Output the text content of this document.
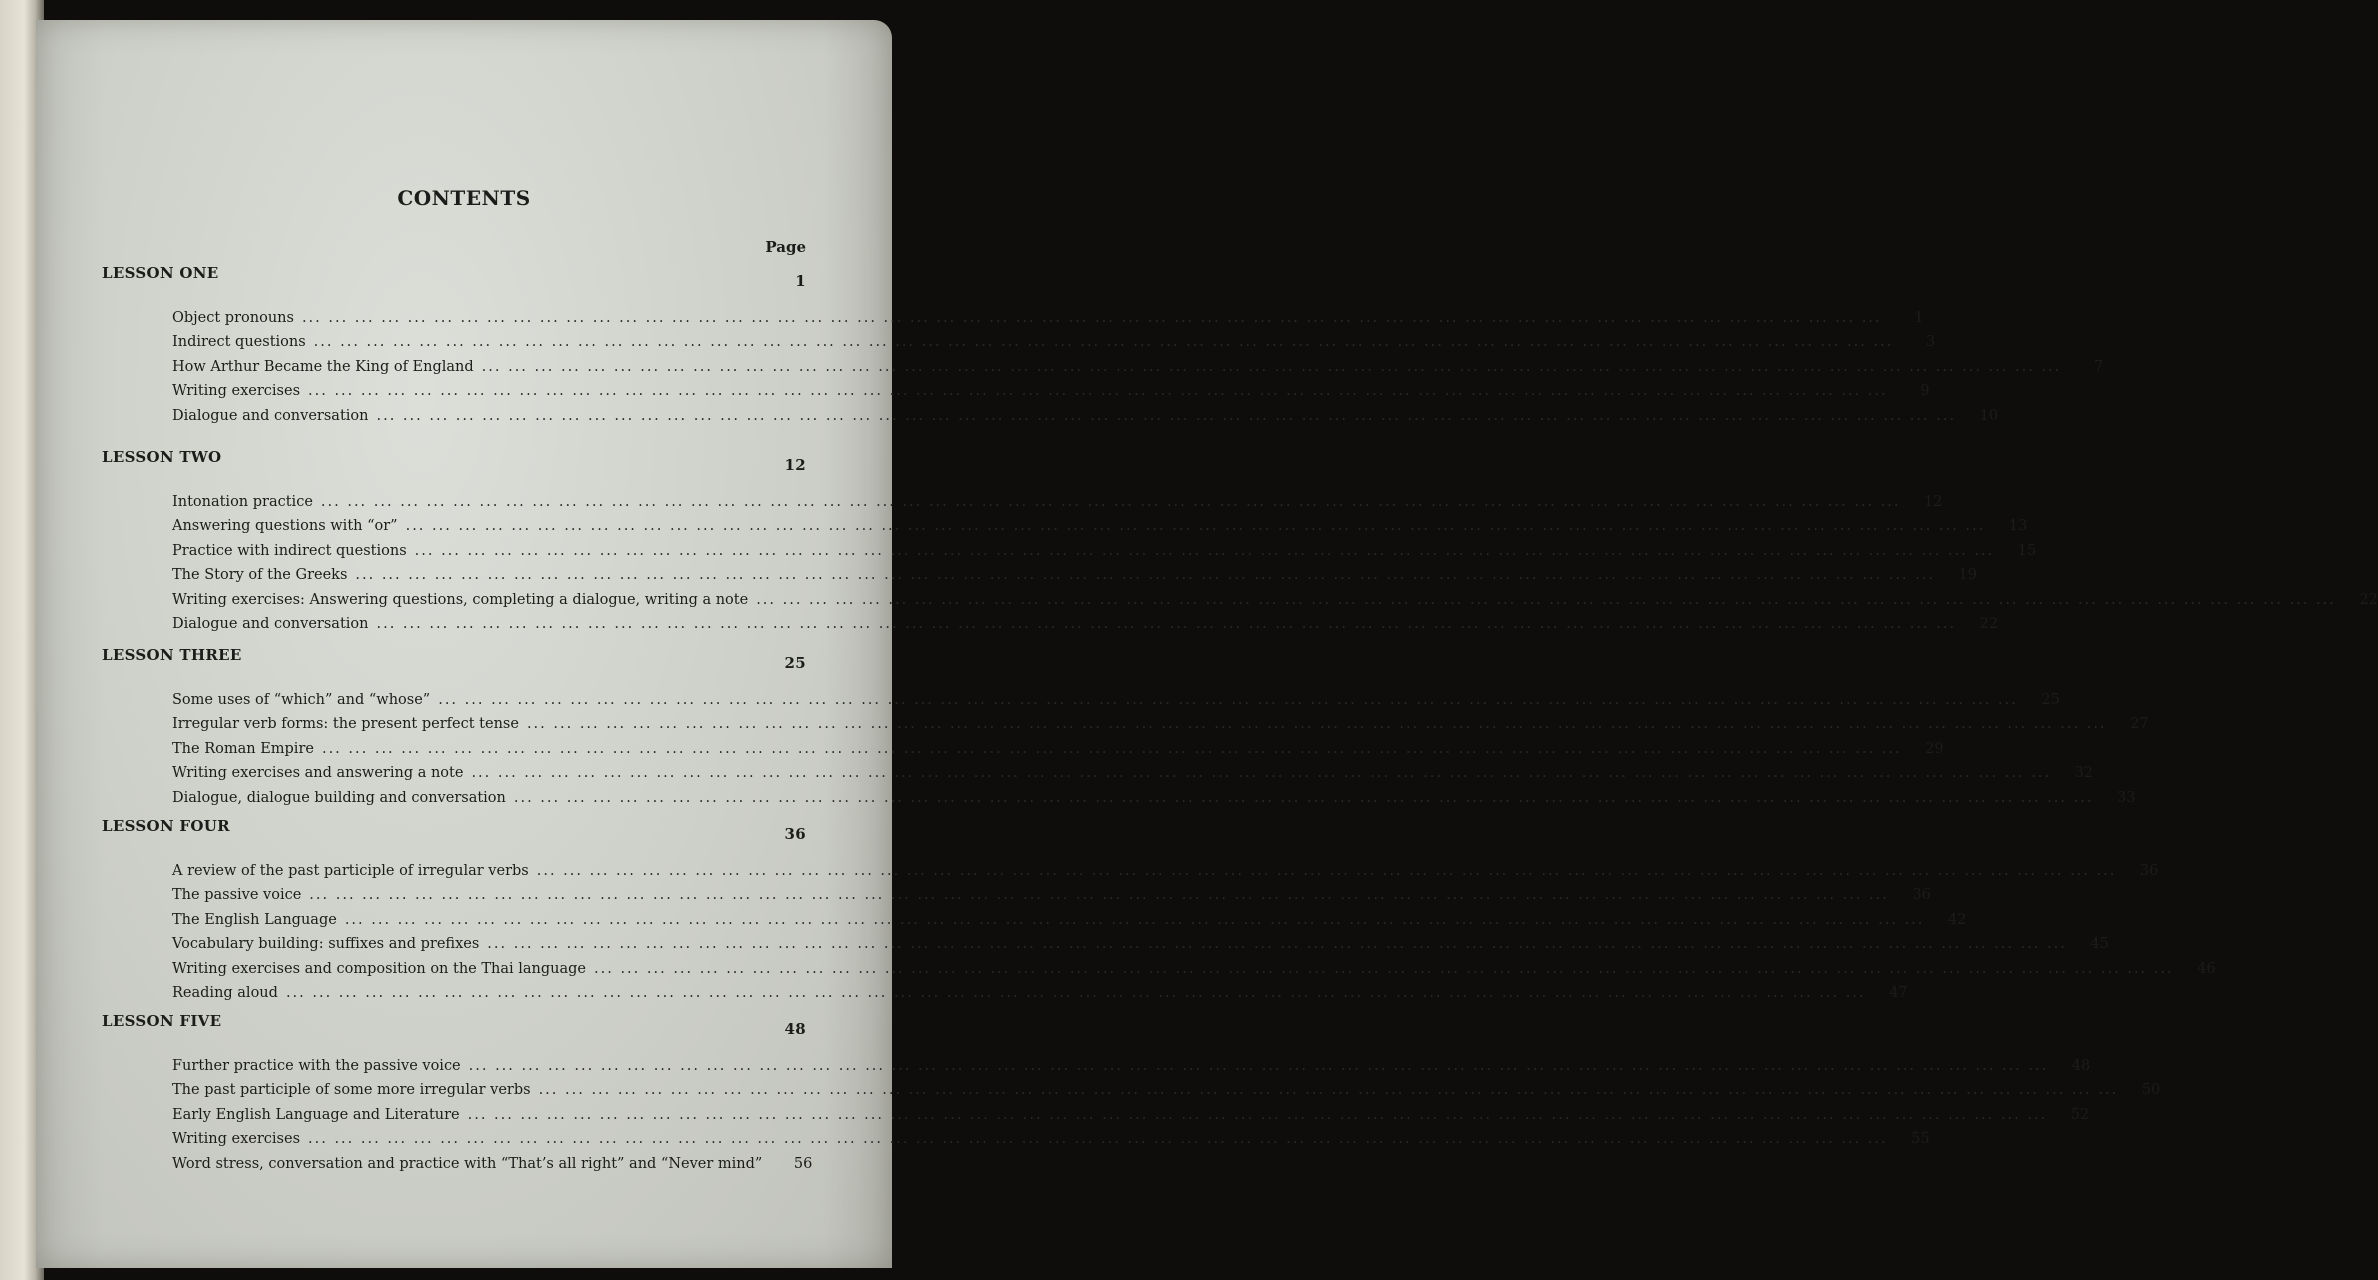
CONTENTS
Page
LESSON ONE	1
Object pronouns ... ... ... ... ... ... ... ... ... ... ... ... ... ... ... ... ... ... ... ... ... ... ... ... ... ... ... ... ... ... ... ... ... ... ... ... ... ... ... ... ... ... ... ... ... ... ... ... ... ... ... ... ... ... ... ... ... ... ... ...	1
Indirect questions ... ... ... ... ... ... ... ... ... ... ... ... ... ... ... ... ... ... ... ... ... ... ... ... ... ... ... ... ... ... ... ... ... ... ... ... ... ... ... ... ... ... ... ... ... ... ... ... ... ... ... ... ... ... ... ... ... ... ... ...	3
How Arthur Became the King of England ... ... ... ... ... ... ... ... ... ... ... ... ... ... ... ... ... ... ... ... ... ... ... ... ... ... ... ... ... ... ... ... ... ... ... ... ... ... ... ... ... ... ... ... ... ... ... ... ... ... ... ... ... ... ... ... ... ... ... ...	7
Writing exercises ... ... ... ... ... ... ... ... ... ... ... ... ... ... ... ... ... ... ... ... ... ... ... ... ... ... ... ... ... ... ... ... ... ... ... ... ... ... ... ... ... ... ... ... ... ... ... ... ... ... ... ... ... ... ... ... ... ... ... ...	9
Dialogue and conversation ... ... ... ... ... ... ... ... ... ... ... ... ... ... ... ... ... ... ... ... ... ... ... ... ... ... ... ... ... ... ... ... ... ... ... ... ... ... ... ... ... ... ... ... ... ... ... ... ... ... ... ... ... ... ... ... ... ... ... ...	10
LESSON TWO	12
Intonation practice ... ... ... ... ... ... ... ... ... ... ... ... ... ... ... ... ... ... ... ... ... ... ... ... ... ... ... ... ... ... ... ... ... ... ... ... ... ... ... ... ... ... ... ... ... ... ... ... ... ... ... ... ... ... ... ... ... ... ... ...	12
Answering questions with “or” ... ... ... ... ... ... ... ... ... ... ... ... ... ... ... ... ... ... ... ... ... ... ... ... ... ... ... ... ... ... ... ... ... ... ... ... ... ... ... ... ... ... ... ... ... ... ... ... ... ... ... ... ... ... ... ... ... ... ... ...	13
Practice with indirect questions ... ... ... ... ... ... ... ... ... ... ... ... ... ... ... ... ... ... ... ... ... ... ... ... ... ... ... ... ... ... ... ... ... ... ... ... ... ... ... ... ... ... ... ... ... ... ... ... ... ... ... ... ... ... ... ... ... ... ... ...	15
The Story of the Greeks ... ... ... ... ... ... ... ... ... ... ... ... ... ... ... ... ... ... ... ... ... ... ... ... ... ... ... ... ... ... ... ... ... ... ... ... ... ... ... ... ... ... ... ... ... ... ... ... ... ... ... ... ... ... ... ... ... ... ... ...	19
Writing exercises: Answering questions, completing a dialogue, writing a note ... ... ... ... ... ... ... ... ... ... ... ... ... ... ... ... ... ... ... ... ... ... ... ... ... ... ... ... ... ... ... ... ... ... ... ... ... ... ... ... ... ... ... ... ... ... ... ... ... ... ... ... ... ... ... ... ... ... ... ...	22
Dialogue and conversation ... ... ... ... ... ... ... ... ... ... ... ... ... ... ... ... ... ... ... ... ... ... ... ... ... ... ... ... ... ... ... ... ... ... ... ... ... ... ... ... ... ... ... ... ... ... ... ... ... ... ... ... ... ... ... ... ... ... ... ...	22
LESSON THREE	25
Some uses of “which” and “whose” ... ... ... ... ... ... ... ... ... ... ... ... ... ... ... ... ... ... ... ... ... ... ... ... ... ... ... ... ... ... ... ... ... ... ... ... ... ... ... ... ... ... ... ... ... ... ... ... ... ... ... ... ... ... ... ... ... ... ... ...	25
Irregular verb forms: the present perfect tense ... ... ... ... ... ... ... ... ... ... ... ... ... ... ... ... ... ... ... ... ... ... ... ... ... ... ... ... ... ... ... ... ... ... ... ... ... ... ... ... ... ... ... ... ... ... ... ... ... ... ... ... ... ... ... ... ... ... ... ...	27
The Roman Empire ... ... ... ... ... ... ... ... ... ... ... ... ... ... ... ... ... ... ... ... ... ... ... ... ... ... ... ... ... ... ... ... ... ... ... ... ... ... ... ... ... ... ... ... ... ... ... ... ... ... ... ... ... ... ... ... ... ... ... ...	29
Writing exercises and answering a note ... ... ... ... ... ... ... ... ... ... ... ... ... ... ... ... ... ... ... ... ... ... ... ... ... ... ... ... ... ... ... ... ... ... ... ... ... ... ... ... ... ... ... ... ... ... ... ... ... ... ... ... ... ... ... ... ... ... ... ...	32
Dialogue, dialogue building and conversation ... ... ... ... ... ... ... ... ... ... ... ... ... ... ... ... ... ... ... ... ... ... ... ... ... ... ... ... ... ... ... ... ... ... ... ... ... ... ... ... ... ... ... ... ... ... ... ... ... ... ... ... ... ... ... ... ... ... ... ...	33
LESSON FOUR	36
A review of the past participle of irregular verbs ... ... ... ... ... ... ... ... ... ... ... ... ... ... ... ... ... ... ... ... ... ... ... ... ... ... ... ... ... ... ... ... ... ... ... ... ... ... ... ... ... ... ... ... ... ... ... ... ... ... ... ... ... ... ... ... ... ... ... ...	36
The passive voice ... ... ... ... ... ... ... ... ... ... ... ... ... ... ... ... ... ... ... ... ... ... ... ... ... ... ... ... ... ... ... ... ... ... ... ... ... ... ... ... ... ... ... ... ... ... ... ... ... ... ... ... ... ... ... ... ... ... ... ...	36
The English Language ... ... ... ... ... ... ... ... ... ... ... ... ... ... ... ... ... ... ... ... ... ... ... ... ... ... ... ... ... ... ... ... ... ... ... ... ... ... ... ... ... ... ... ... ... ... ... ... ... ... ... ... ... ... ... ... ... ... ... ...	42
Vocabulary building: suffixes and prefixes ... ... ... ... ... ... ... ... ... ... ... ... ... ... ... ... ... ... ... ... ... ... ... ... ... ... ... ... ... ... ... ... ... ... ... ... ... ... ... ... ... ... ... ... ... ... ... ... ... ... ... ... ... ... ... ... ... ... ... ...	45
Writing exercises and composition on the Thai language ... ... ... ... ... ... ... ... ... ... ... ... ... ... ... ... ... ... ... ... ... ... ... ... ... ... ... ... ... ... ... ... ... ... ... ... ... ... ... ... ... ... ... ... ... ... ... ... ... ... ... ... ... ... ... ... ... ... ... ...	46
Reading aloud ... ... ... ... ... ... ... ... ... ... ... ... ... ... ... ... ... ... ... ... ... ... ... ... ... ... ... ... ... ... ... ... ... ... ... ... ... ... ... ... ... ... ... ... ... ... ... ... ... ... ... ... ... ... ... ... ... ... ... ...	47
LESSON FIVE	48
Further practice with the passive voice ... ... ... ... ... ... ... ... ... ... ... ... ... ... ... ... ... ... ... ... ... ... ... ... ... ... ... ... ... ... ... ... ... ... ... ... ... ... ... ... ... ... ... ... ... ... ... ... ... ... ... ... ... ... ... ... ... ... ... ...	48
The past participle of some more irregular verbs ... ... ... ... ... ... ... ... ... ... ... ... ... ... ... ... ... ... ... ... ... ... ... ... ... ... ... ... ... ... ... ... ... ... ... ... ... ... ... ... ... ... ... ... ... ... ... ... ... ... ... ... ... ... ... ... ... ... ... ...	50
Early English Language and Literature ... ... ... ... ... ... ... ... ... ... ... ... ... ... ... ... ... ... ... ... ... ... ... ... ... ... ... ... ... ... ... ... ... ... ... ... ... ... ... ... ... ... ... ... ... ... ... ... ... ... ... ... ... ... ... ... ... ... ... ...	52
Writing exercises ... ... ... ... ... ... ... ... ... ... ... ... ... ... ... ... ... ... ... ... ... ... ... ... ... ... ... ... ... ... ... ... ... ... ... ... ... ... ... ... ... ... ... ... ... ... ... ... ... ... ... ... ... ... ... ... ... ... ... ...	55
Word stress, conversation and practice with “That’s all right” and “Never mind”	56
